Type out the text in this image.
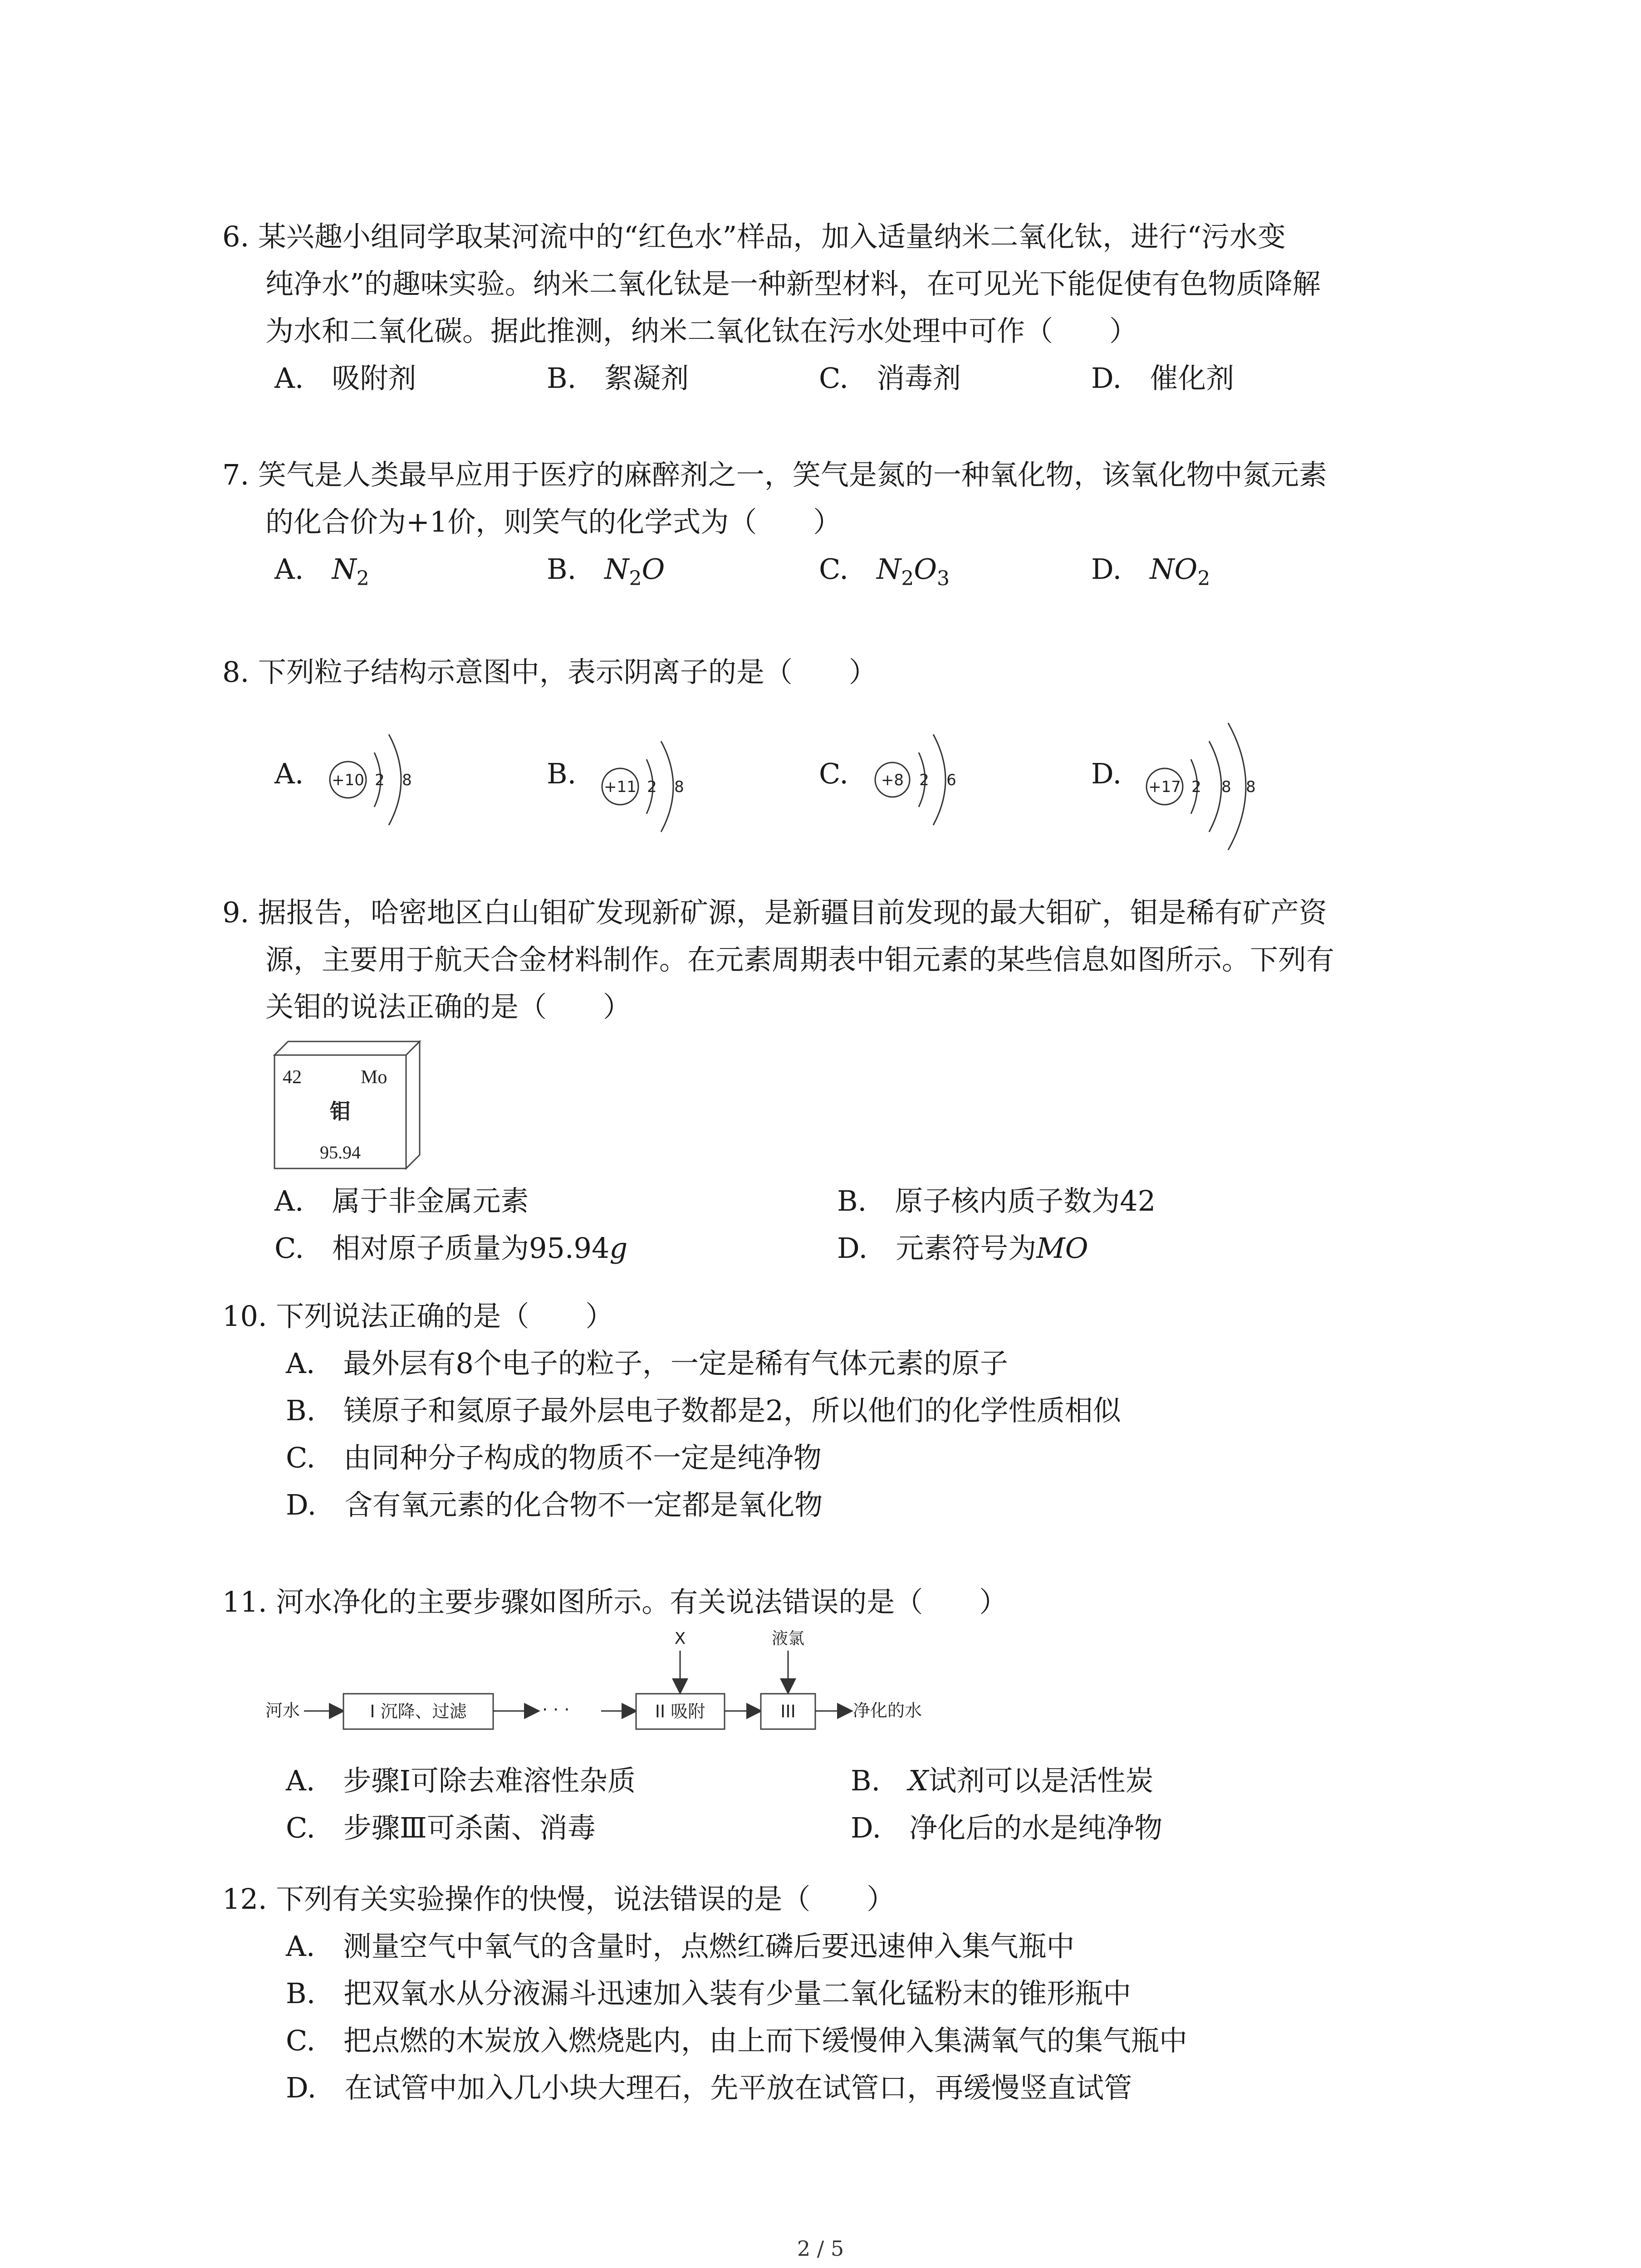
6. 某兴趣小组同学取某河流中的“红色水”样品，加入适量纳米二氧化钛，进行“污水变
纯净水”的趣味实验。纳米二氧化钛是一种新型材料，在可见光下能促使有色物质降解
为水和二氧化碳。据此推测，纳米二氧化钛在污水处理中可作（　　）
A.　 吸附剂	B.　 絮凝剂	C.　 消毒剂	D.　 催化剂
7. 笑气是人类最早应用于医疗的麻醉剂之一，笑气是氮的一种氧化物，该氧化物中氮元素
的化合价为+1价，则笑气的化学式为（　　）
A.　 $N_2$	B.　 $N_2O$	C.　 $N_2O_3$	D.　 $NO_2$
8. 下列粒子结构示意图中，表示阴离子的是（　　）
A. +10 2 8	B. +11 2 8	C. +8 2 6	D. +17 2 8 8
9. 据报告，哈密地区白山钼矿发现新矿源，是新疆目前发现的最大钼矿，钼是稀有矿产资
源，主要用于航天合金材料制作。在元素周期表中钼元素的某些信息如图所示。下列有
关钼的说法正确的是（　　）
42	Mo
钼
95.94
A.　 属于非金属元素	B.　 原子核内质子数为42
C.　 相对原子质量为95.94g	D.　 元素符号为MO
10. 下列说法正确的是（　　）
A.　最外层有8个电子的粒子，一定是稀有气体元素的原子
B.　镁原子和氦原子最外层电子数都是2，所以他们的化学性质相似
C.　由同种分子构成的物质不一定是纯净物
D.　含有氧元素的化合物不一定都是氧化物
11. 河水净化的主要步骤如图所示。有关说法错误的是（　　）
河水	I 沉降、过滤	· · ·	II 吸附
X
III
液氯
净化的水
A.　 步骤Ⅰ可除去难溶性杂质	B.　 X试剂可以是活性炭
C.　 步骤Ⅲ可杀菌、消毒	D.　 净化后的水是纯净物
12. 下列有关实验操作的快慢，说法错误的是（　　）
A.　测量空气中氧气的含量时，点燃红磷后要迅速伸入集气瓶中
B.　把双氧水从分液漏斗迅速加入装有少量二氧化锰粉末的锥形瓶中
C.　把点燃的木炭放入燃烧匙内，由上而下缓慢伸入集满氧气的集气瓶中
D.　在试管中加入几小块大理石，先平放在试管口，再缓慢竖直试管
2 / 5
